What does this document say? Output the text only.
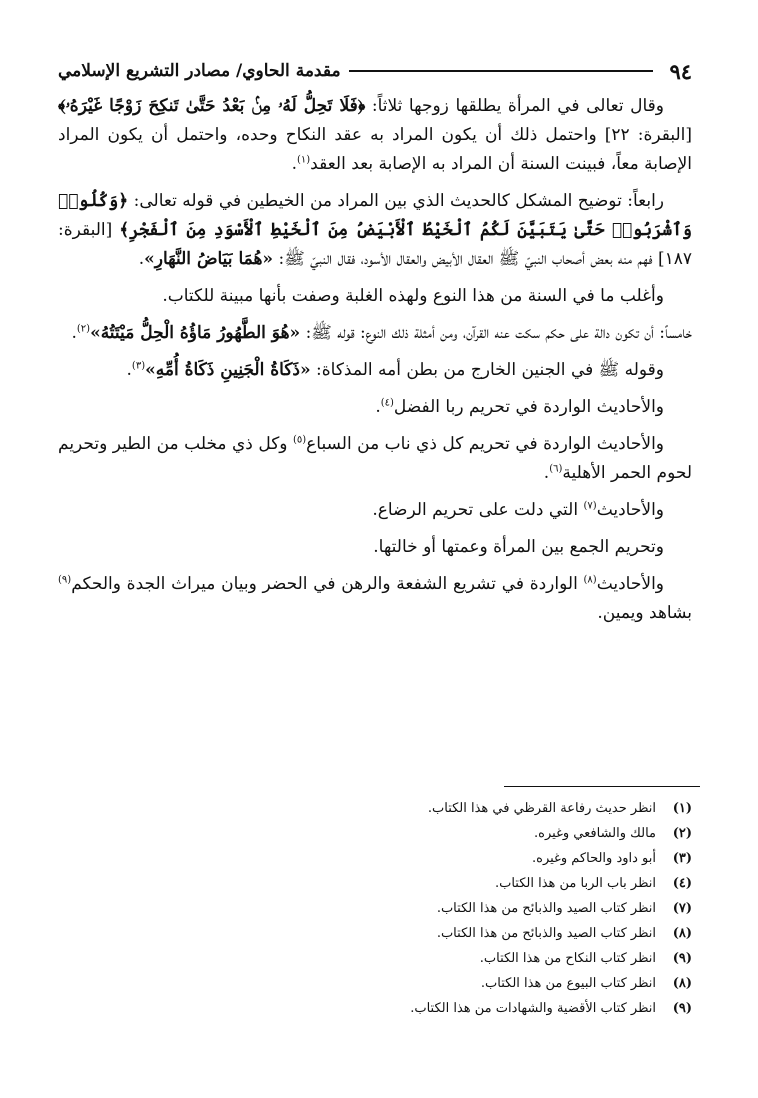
٩٤
مقدمة الحاوي/ مصادر التشريع الإسلامي

وقال تعالى في المرأة يطلقها زوجها ثلاثاً: ﴿فَلَا تَحِلُّ لَهُۥ مِنۢ بَعْدُ حَتَّىٰ تَنكِحَ زَوْجًا غَيْرَهُۥ﴾ [البقرة: ٢٢] واحتمل ذلك أن يكون المراد به عقد النكاح وحده، واحتمل أن يكون المراد الإصابة معاً، فبينت السنة أن المراد به الإصابة بعد العقد$^{(١)}$.

رابعاً: توضيح المشكل كالحديث الذي بين المراد من الخيطين في قوله تعالى: ﴿وَكُلُوا۟ وَٱشْرَبُوا۟ حَتَّىٰ يَتَبَيَّنَ لَكُمُ ٱلْخَيْطُ ٱلْأَبْيَضُ مِنَ ٱلْخَيْطِ ٱلْأَسْوَدِ مِنَ ٱلْفَجْرِ﴾ [البقرة: ١٨٧] فهم منه بعض أصحاب النبيّ ﷺ العقال الأبيض والعقال الأسود، فقال النبيّ ﷺ: «هُمَا بَيَاضُ النَّهَارِ».

وأغلب ما في السنة من هذا النوع ولهذه الغلبة وصفت بأنها مبينة للكتاب.

خامساً: أن تكون دالة على حكم سكت عنه القرآن، ومن أمثلة ذلك النوع: قوله ﷺ: «هُوَ الطَّهُورُ مَاؤُهُ الْحِلُّ مَيْتَتُهُ»$^{(٢)}$.

وقوله ﷺ في الجنين الخارج من بطن أمه المذكاة: «ذَكَاةُ الْجَنِينِ ذَكَاةُ أُمِّهِ»$^{(٣)}$.

والأحاديث الواردة في تحريم ربا الفضل$^{(٤)}$.

والأحاديث الواردة في تحريم كل ذي ناب من السباع$^{(٥)}$ وكل ذي مخلب من الطير وتحريم لحوم الحمر الأهلية$^{(٦)}$.

والأحاديث$^{(٧)}$ التي دلت على تحريم الرضاع.

وتحريم الجمع بين المرأة وعمتها أو خالتها.

والأحاديث$^{(٨)}$ الواردة في تشريع الشفعة والرهن في الحضر وبيان ميراث الجدة والحكم$^{(٩)}$ بشاهد ويمين.

(١)
انظر حديث رفاعة القرظي في هذا الكتاب.
(٢)
مالك والشافعي وغيره.
(٣)
أبو داود والحاكم وغيره.
(٤)
انظر باب الربا من هذا الكتاب.
(٧)
انظر كتاب الصيد والذبائح من هذا الكتاب.
(٨)
انظر كتاب الصيد والذبائح من هذا الكتاب.
(٩)
انظر كتاب النكاح من هذا الكتاب.
(٨)
انظر كتاب البيوع من هذا الكتاب.
(٩)
انظر كتاب الأقضية والشهادات من هذا الكتاب.
